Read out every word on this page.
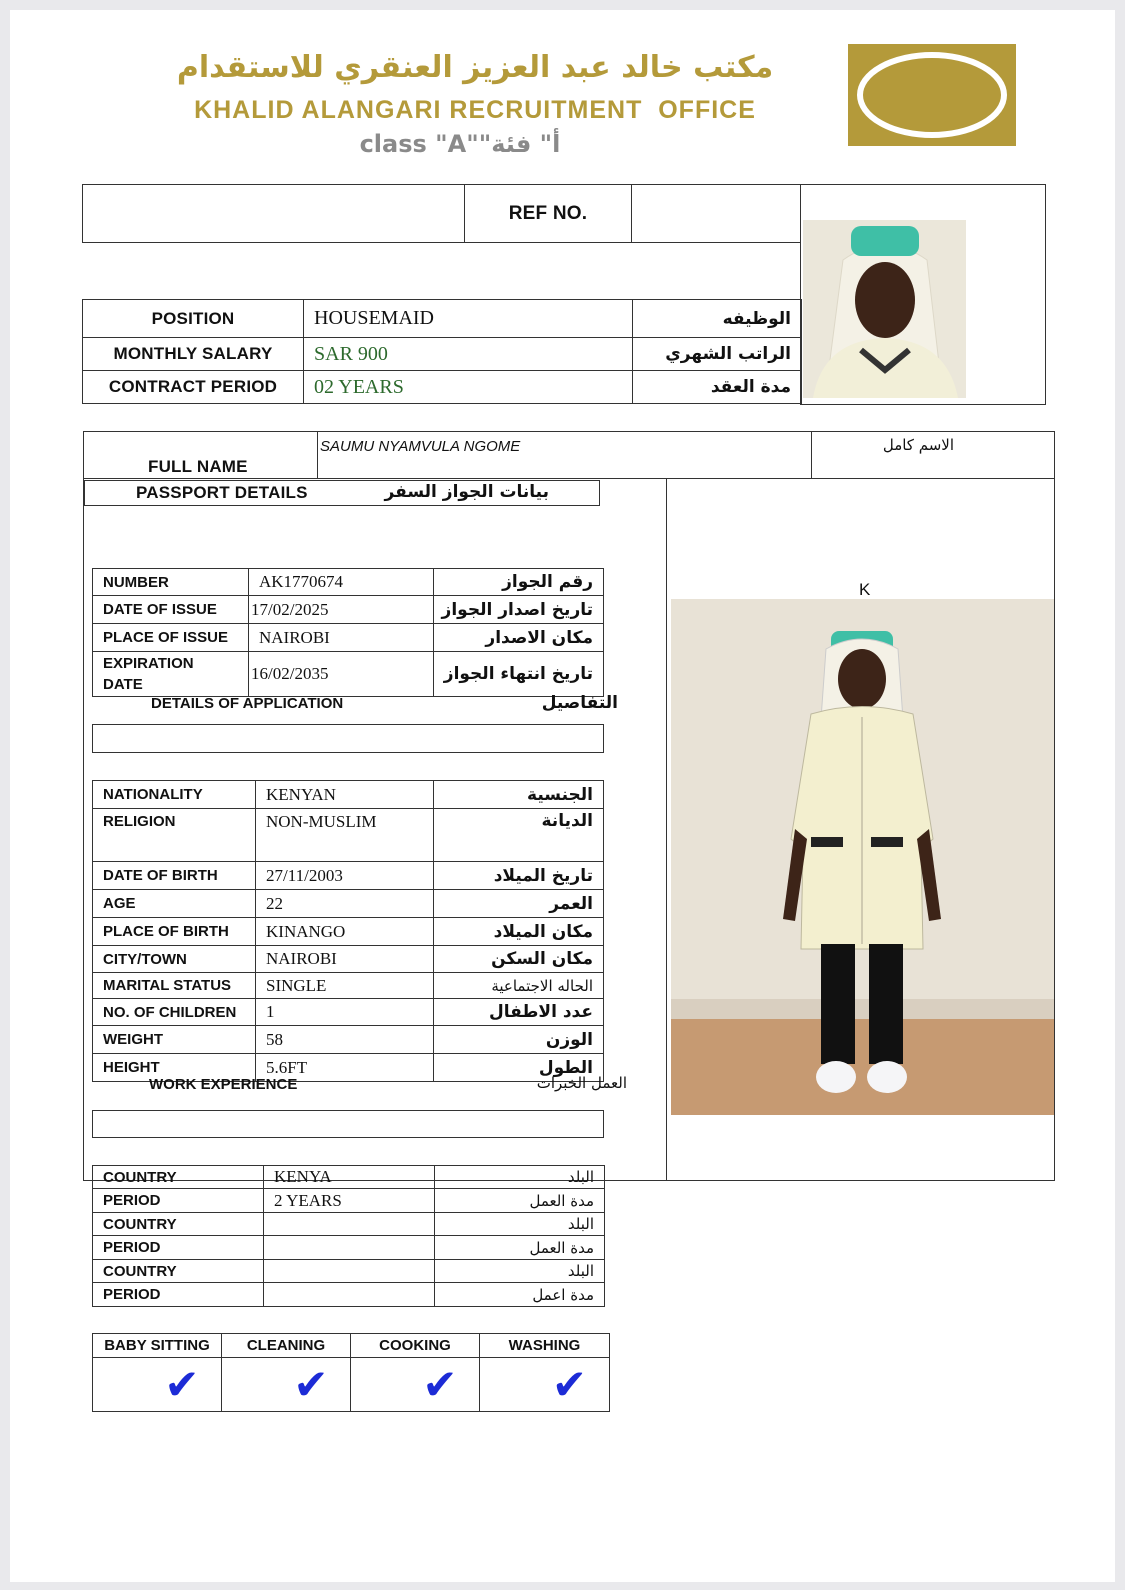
مكتب خالد عبد العزيز العنقري للاستقدام
KHALID ALANGARI RECRUITMENT  OFFICE
class "A""أ" فئة
REF NO.
POSITION	HOUSEMAID	الوظيفه
MONTHLY SALARY	SAR 900	الراتب الشهري
CONTRACT PERIOD	02 YEARS	مدة العقد
FULL NAME
SAUMU NYAMVULA NGOME	الاسم كامل
PASSPORT DETAILS	بيانات الجواز السفر
NUMBER	AK1770674	رقم الجواز
DATE OF ISSUE	17/02/2025	تاريخ اصدار الجواز
PLACE OF ISSUE	NAIROBI	مكان الاصدار
EXPIRATION DATE	16/02/2035	تاريخ انتهاء الجواز
DETAILS OF APPLICATION	التفاصيل
NATIONALITY	KENYAN	الجنسية
RELIGION	NON-MUSLIM	الديانة
DATE OF BIRTH	27/11/2003	تاريخ الميلاد
AGE	22	العمر
PLACE OF BIRTH	KINANGO	مكان الميلاد
CITY/TOWN	NAIROBI	مكان السكن
MARITAL STATUS	SINGLE	الحاله الاجتماعية
NO. OF CHILDREN	1	عدد الاطفال
WEIGHT	58	الوزن
HEIGHT	5.6FT	الطول
WORK EXPERIENCE	العمل الخبرات
COUNTRY	KENYA	البلد
PERIOD	2 YEARS	مدة العمل
COUNTRY		البلد
PERIOD		مدة العمل
COUNTRY		البلد
PERIOD		مدة اعمل
BABY SITTING	CLEANING	COOKING	WASHING
✔	✔	✔	✔
K
